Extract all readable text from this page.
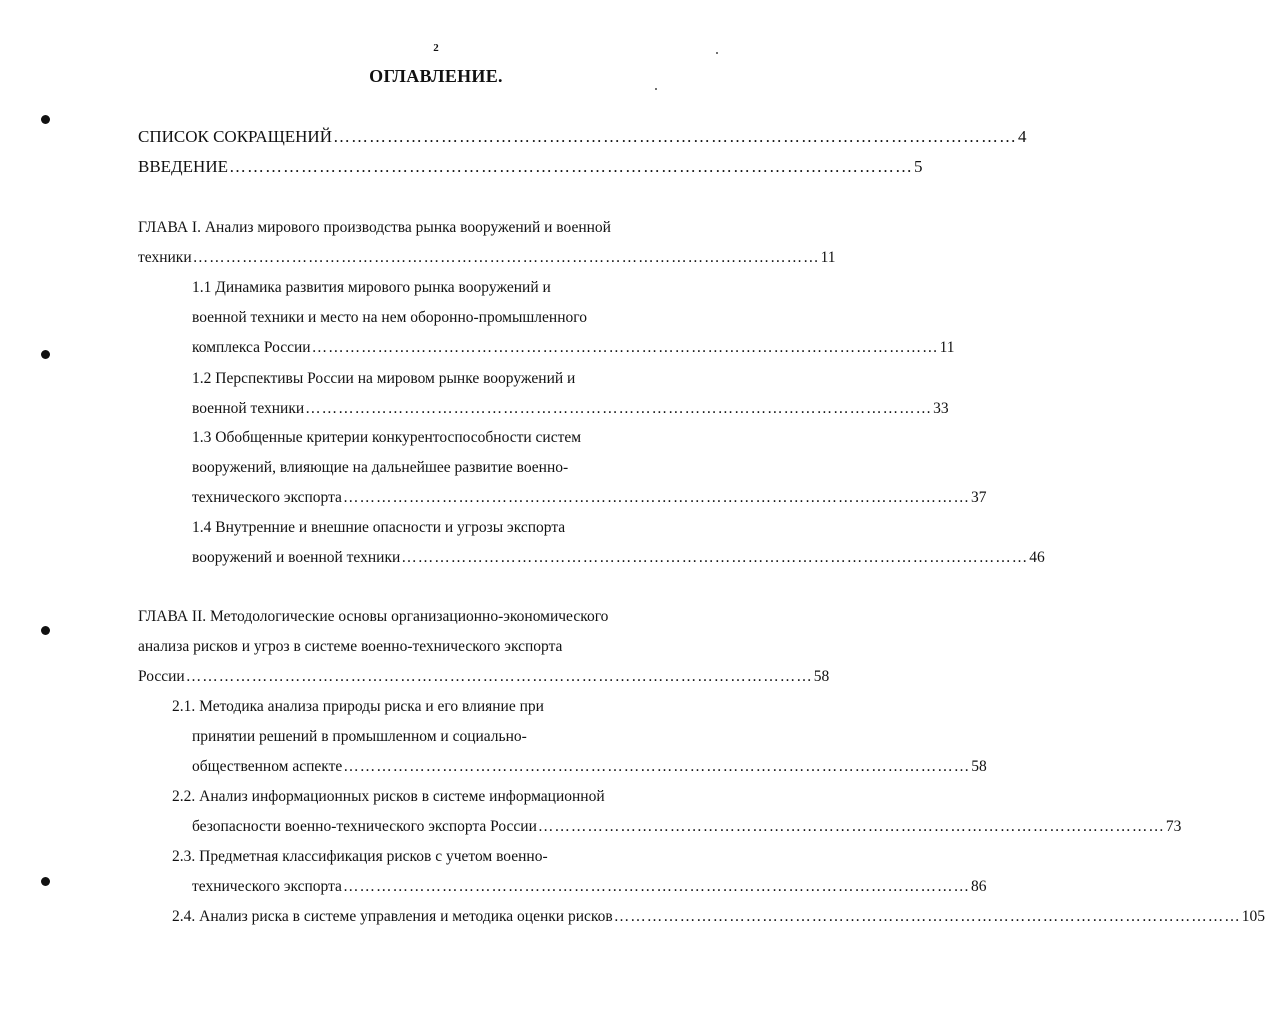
2
ОГЛАВЛЕНИЕ.
СПИСОК СОКРАЩЕНИЙ …………………………………………………………………………………………………… 4
ВВЕДЕНИЕ …………………………………………………………………………………………………… 5
ГЛАВА I. Анализ мирового производства рынка вооружений и военной
техники …………………………………………………………………………………………………… 11
1.1 Динамика развития мирового рынка вооружений и
военной техники и место на нем оборонно-промышленного
комплекса России …………………………………………………………………………………………………… 11
1.2 Перспективы России на мировом рынке вооружений и
военной техники …………………………………………………………………………………………………… 33
1.3 Обобщенные критерии конкурентоспособности систем
вооружений, влияющие на дальнейшее развитие военно-
технического экспорта …………………………………………………………………………………………………… 37
1.4 Внутренние и внешние опасности и угрозы экспорта
вооружений и военной техники …………………………………………………………………………………………………… 46
ГЛАВА II. Методологические основы организационно-экономического
анализа рисков и угроз в системе военно-технического экспорта
России …………………………………………………………………………………………………… 58
2.1. Методика анализа природы риска и его влияние при
принятии решений в промышленном и социально-
общественном аспекте …………………………………………………………………………………………………… 58
2.2. Анализ информационных рисков в системе информационной
безопасности военно-технического экспорта России …………………………………………………………………………………………………… 73
2.3. Предметная классификация рисков с учетом военно-
технического экспорта …………………………………………………………………………………………………… 86
2.4. Анализ риска в системе управления и методика оценки рисков …………………………………………………………………………………………………… 105
